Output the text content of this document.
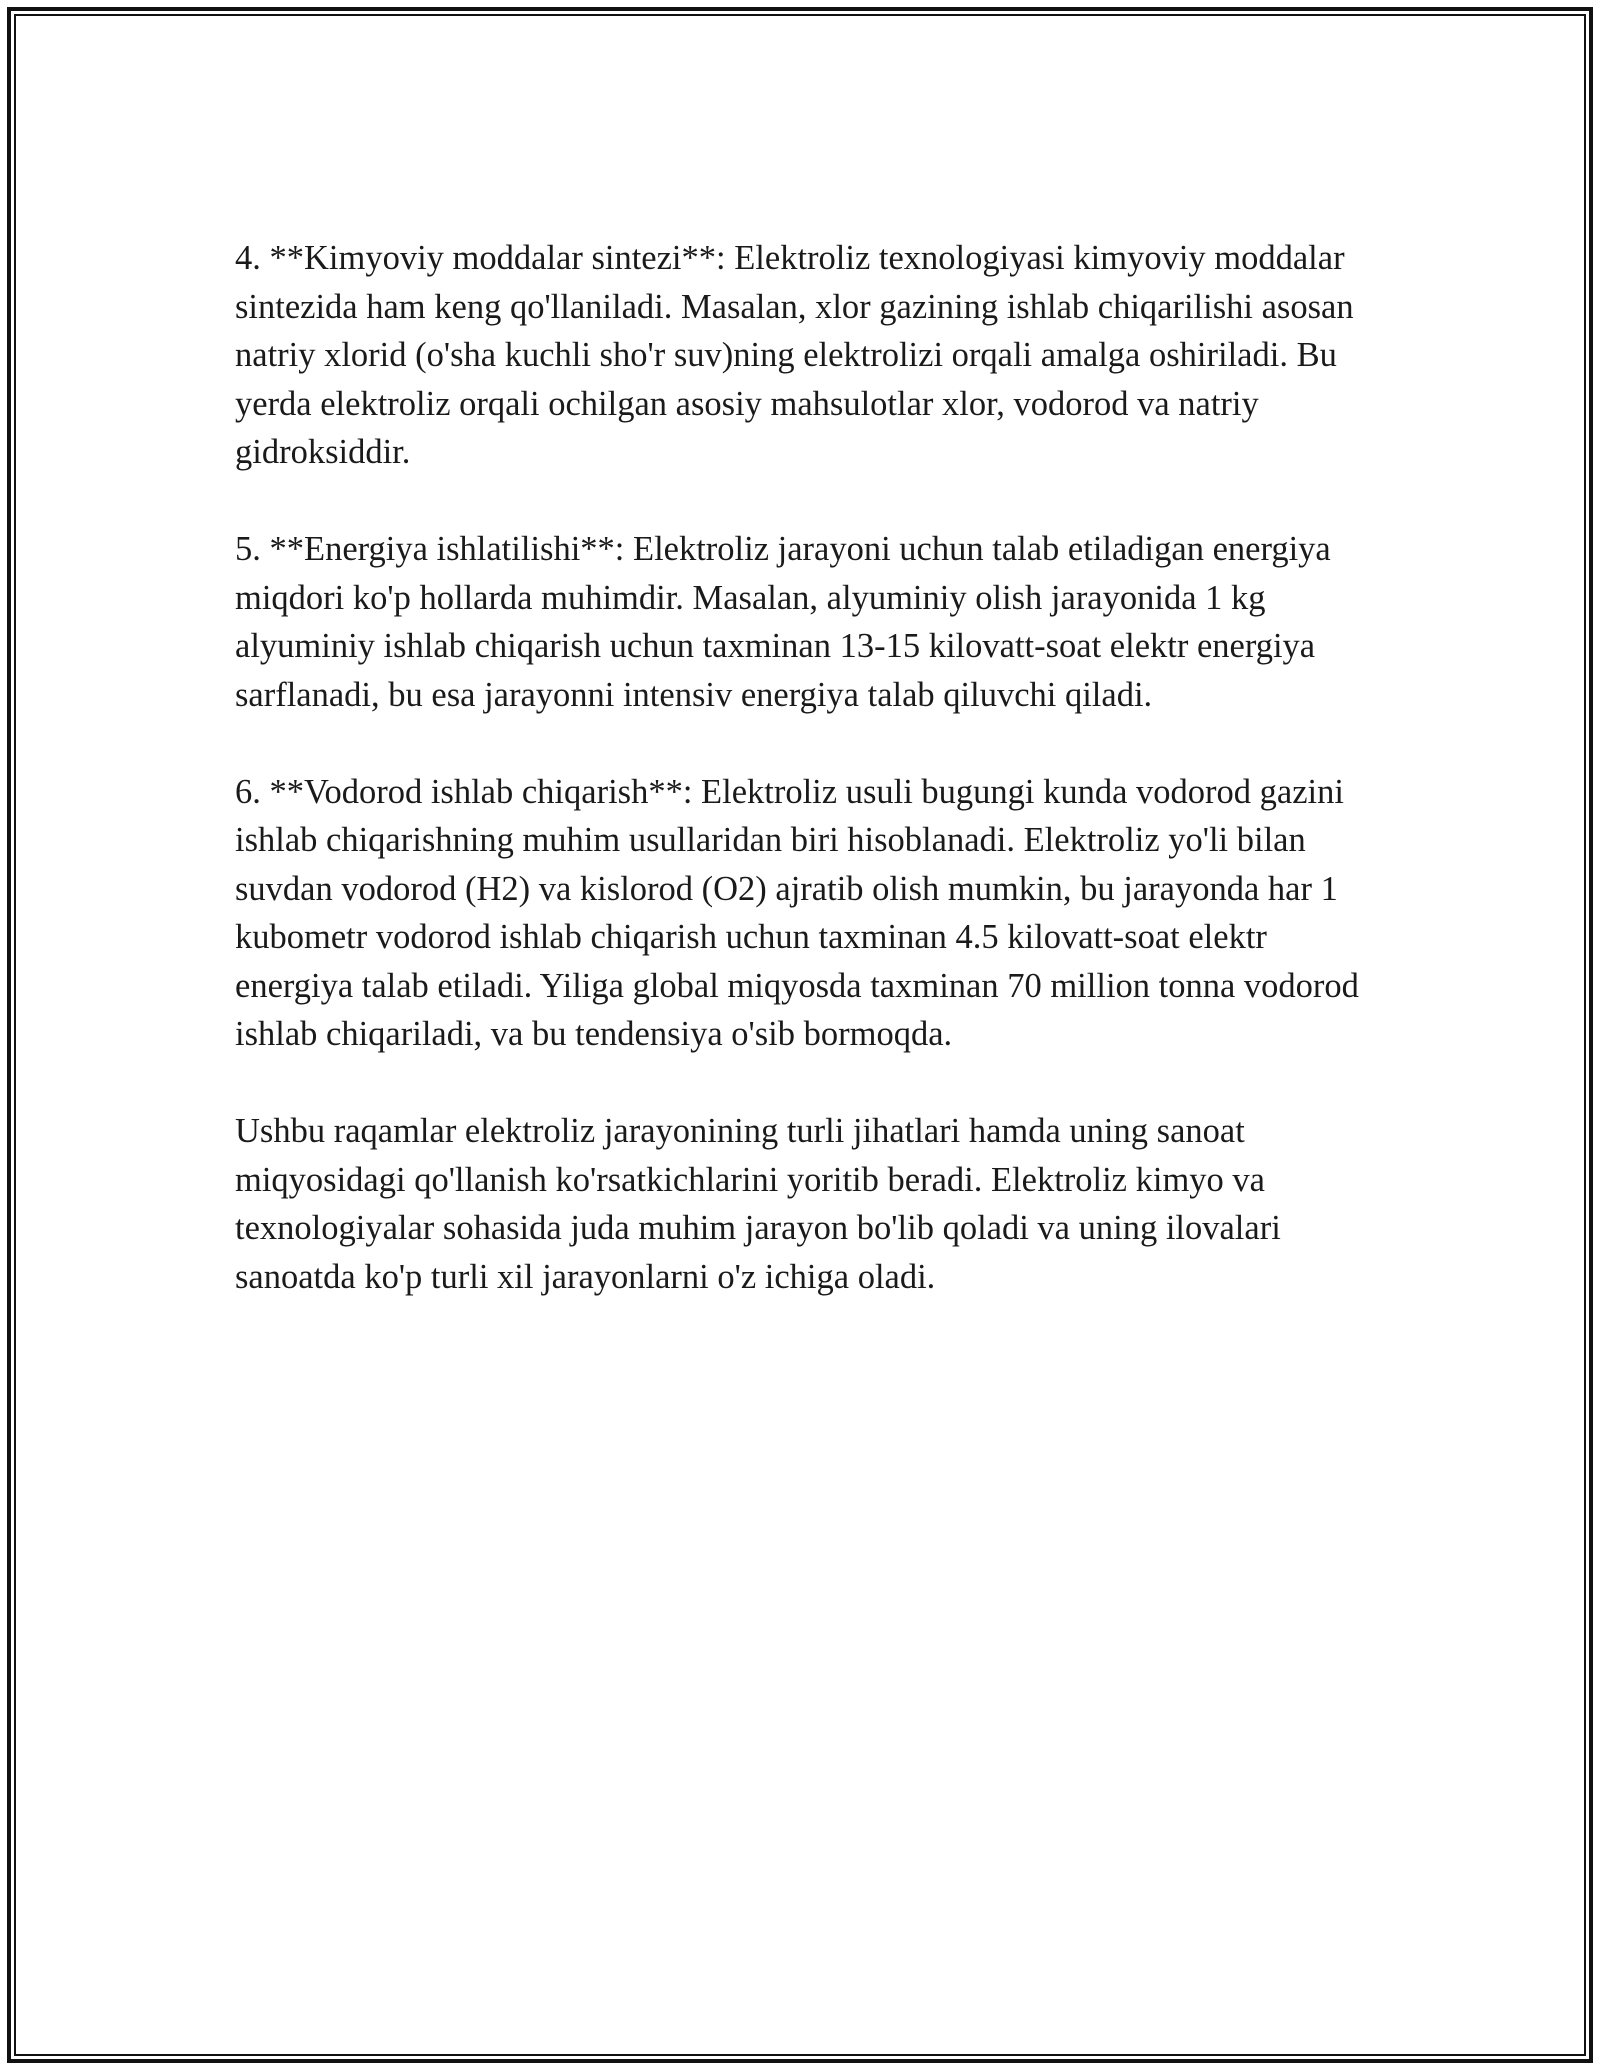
4. **Kimyoviy moddalar sintezi**: Elektroliz texnologiyasi kimyoviy moddalar sintezida ham keng qo'llaniladi. Masalan, xlor gazining ishlab chiqarilishi asosan natriy xlorid (o'sha kuchli sho'r suv)ning elektrolizi orqali amalga oshiriladi. Bu yerda elektroliz orqali ochilgan asosiy mahsulotlar xlor, vodorod va natriy gidroksiddir.

5. **Energiya ishlatilishi**: Elektroliz jarayoni uchun talab etiladigan energiya miqdori ko'p hollarda muhimdir. Masalan, alyuminiy olish jarayonida 1 kg alyuminiy ishlab chiqarish uchun taxminan 13-15 kilovatt-soat elektr energiya sarflanadi, bu esa jarayonni intensiv energiya talab qiluvchi qiladi.

6. **Vodorod ishlab chiqarish**: Elektroliz usuli bugungi kunda vodorod gazini ishlab chiqarishning muhim usullaridan biri hisoblanadi. Elektroliz yo'li bilan suvdan vodorod (H2) va kislorod (O2) ajratib olish mumkin, bu jarayonda har 1 kubometr vodorod ishlab chiqarish uchun taxminan 4.5 kilovatt-soat elektr energiya talab etiladi. Yiliga global miqyosda taxminan 70 million tonna vodorod ishlab chiqariladi, va bu tendensiya o'sib bormoqda.

Ushbu raqamlar elektroliz jarayonining turli jihatlari hamda uning sanoat miqyosidagi qo'llanish ko'rsatkichlarini yoritib beradi. Elektroliz kimyo va texnologiyalar sohasida juda muhim jarayon bo'lib qoladi va uning ilovalari sanoatda ko'p turli xil jarayonlarni o'z ichiga oladi.
